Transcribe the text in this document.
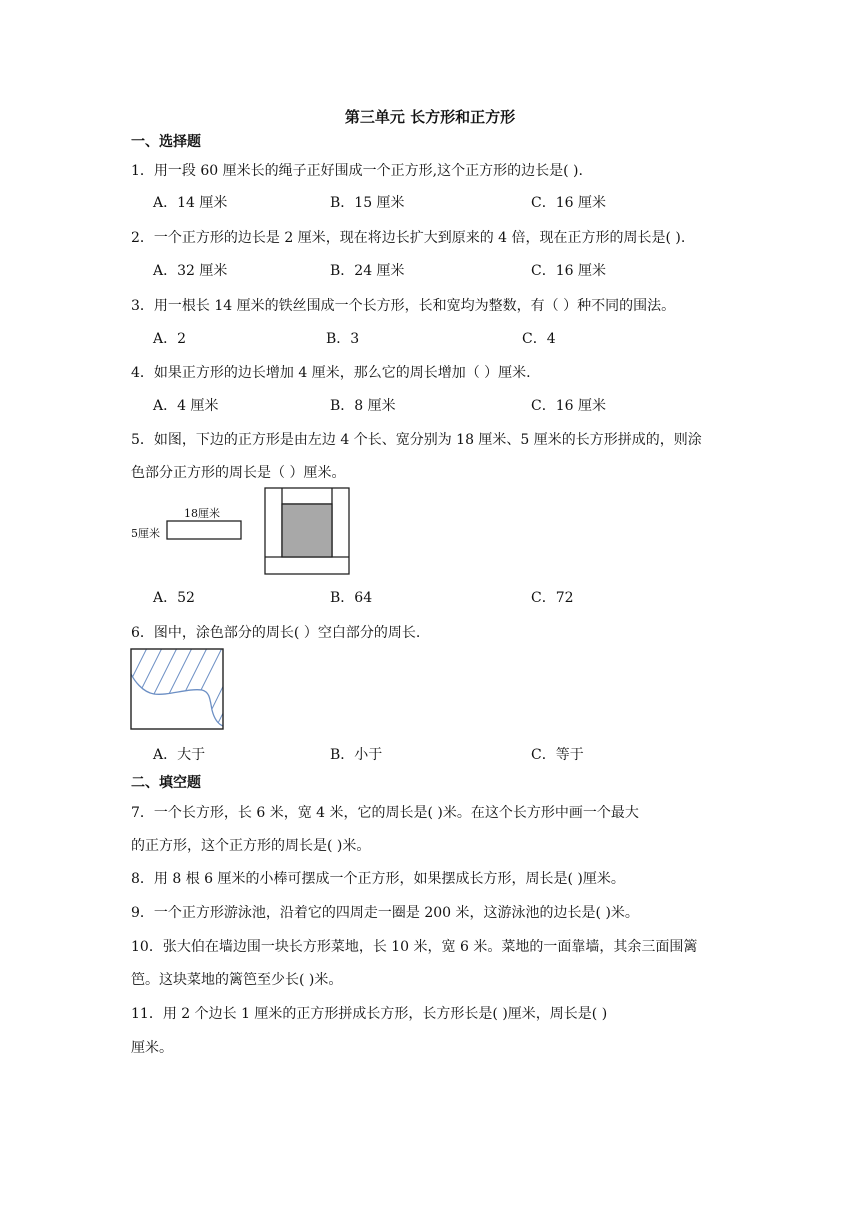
第三单元 长方形和正方形
一、选择题
1．用一段 60 厘米长的绳子正好围成一个正方形,这个正方形的边长是( ).
A．14 厘米	B．15 厘米	C．16 厘米
2．一个正方形的边长是 2 厘米，现在将边长扩大到原来的 4 倍，现在正方形的周长是( ).
A．32 厘米	B．24 厘米	C．16 厘米
3．用一根长 14 厘米的铁丝围成一个长方形，长和宽均为整数，有（ ）种不同的围法。
A．2	B．3	C．4
4．如果正方形的边长增加 4 厘米，那么它的周长增加（ ）厘米.
A．4 厘米	B．8 厘米	C．16 厘米
5．如图，下边的正方形是由左边 4 个长、宽分别为 18 厘米、5 厘米的长方形拼成的，则涂
色部分正方形的周长是（ ）厘米。
18厘米
5厘米
A．52	B．64	C．72
6．图中，涂色部分的周长( ）空白部分的周长.
A．大于	B．小于	C．等于
二、填空题
7．一个长方形，长 6 米，宽 4 米，它的周长是( )米。在这个长方形中画一个最大
的正方形，这个正方形的周长是( )米。
8．用 8 根 6 厘米的小棒可摆成一个正方形，如果摆成长方形，周长是( )厘米。
9．一个正方形游泳池，沿着它的四周走一圈是 200 米，这游泳池的边长是( )米。
10．张大伯在墙边围一块长方形菜地，长 10 米，宽 6 米。菜地的一面靠墙，其余三面围篱
笆。这块菜地的篱笆至少长( )米。
11．用 2 个边长 1 厘米的正方形拼成长方形，长方形长是( )厘米，周长是( )
厘米。
